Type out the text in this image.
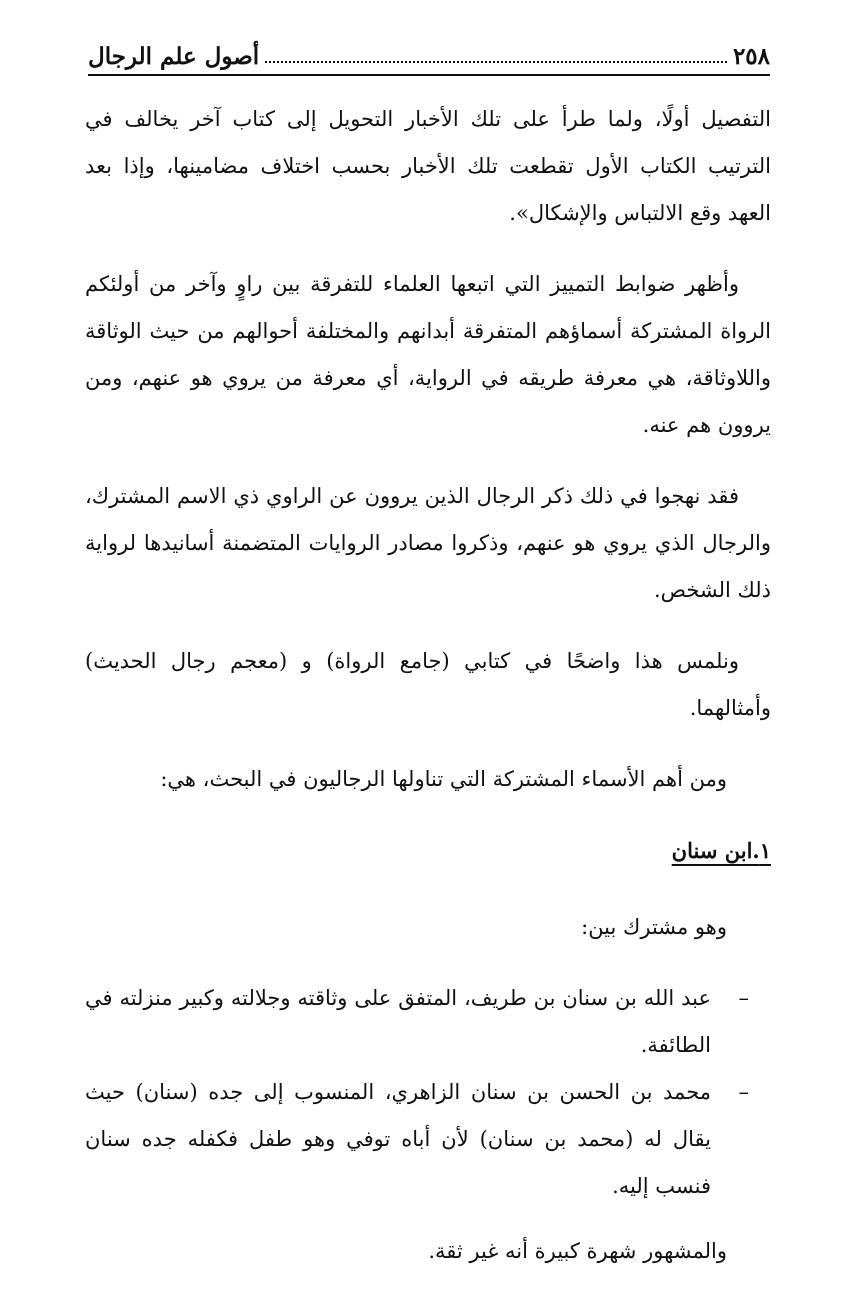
٢٥٨
أصول علم الرجال

التفصيل أولًا، ولما طرأ على تلك الأخبار التحويل إلى كتاب آخر يخالف في الترتيب الكتاب الأول تقطعت تلك الأخبار بحسب اختلاف مضامينها، وإذا بعد العهد وقع الالتباس والإشكال».

وأظهر ضوابط التمييز التي اتبعها العلماء للتفرقة بين راوٍ وآخر من أولئكم الرواة المشتركة أسماؤهم المتفرقة أبدانهم والمختلفة أحوالهم من حيث الوثاقة واللاوثاقة، هي معرفة طريقه في الرواية، أي معرفة من يروي هو عنهم، ومن يروون هم عنه.

فقد نهجوا في ذلك ذكر الرجال الذين يروون عن الراوي ذي الاسم المشترك، والرجال الذي يروي هو عنهم، وذكروا مصادر الروايات المتضمنة أسانيدها لرواية ذلك الشخص.

ونلمس هذا واضحًا في كتابي (جامع الرواة) و (معجم رجال الحديث) وأمثالهما.

ومن أهم الأسماء المشتركة التي تناولها الرجاليون في البحث، هي:

١.ابن سنان

وهو مشترك بين:

–
عبد الله بن سنان بن طريف، المتفق على وثاقته وجلالته وكبير منزلته في الطائفة.
–
محمد بن الحسن بن سنان الزاهري، المنسوب إلى جده (سنان) حيث يقال له (محمد بن سنان) لأن أباه توفي وهو طفل فكفله جده سنان فنسب إليه.

والمشهور شهرة كبيرة أنه غير ثقة.
